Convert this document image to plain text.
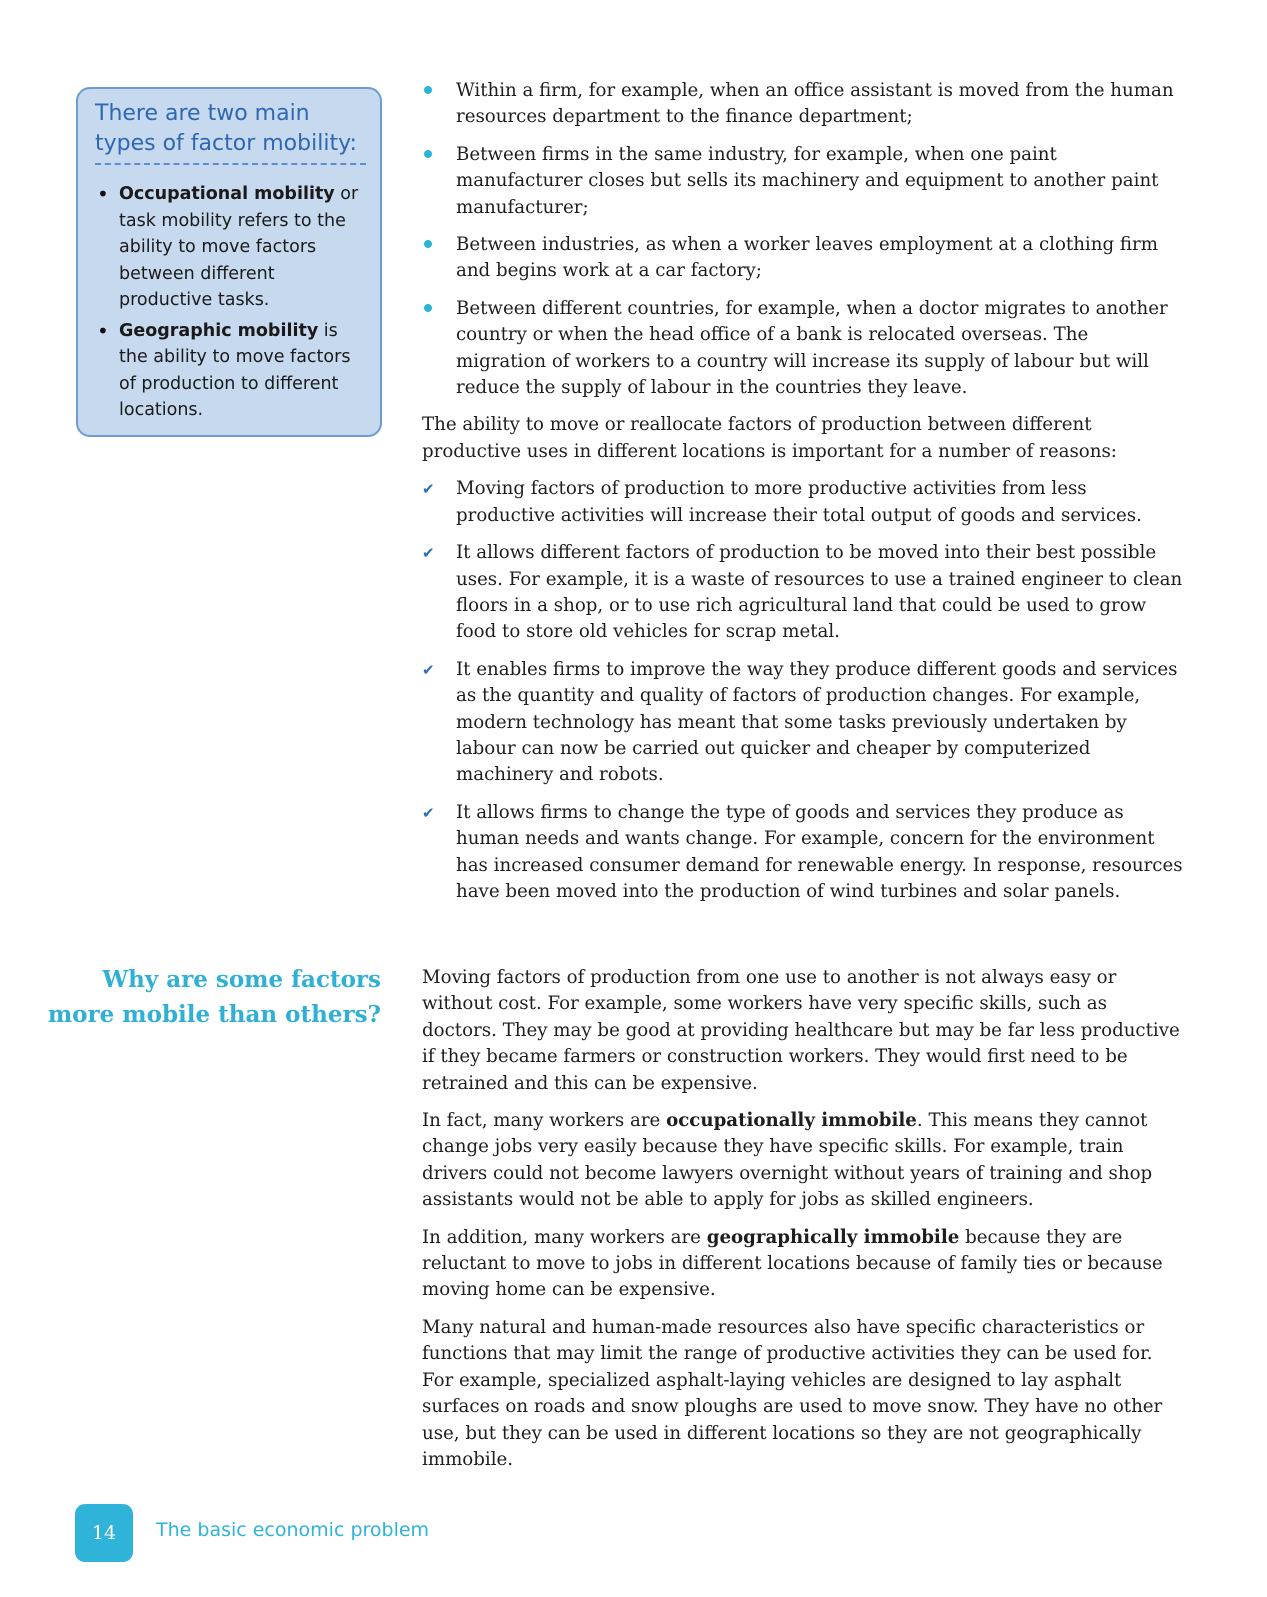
There are two main types of factor mobility:
• Occupational mobility or task mobility refers to the ability to move factors between different productive tasks.
• Geographic mobility is the ability to move factors of production to different locations.
Within a firm, for example, when an office assistant is moved from the human resources department to the finance department;
Between firms in the same industry, for example, when one paint manufacturer closes but sells its machinery and equipment to another paint manufacturer;
Between industries, as when a worker leaves employment at a clothing firm and begins work at a car factory;
Between different countries, for example, when a doctor migrates to another country or when the head office of a bank is relocated overseas. The migration of workers to a country will increase its supply of labour but will reduce the supply of labour in the countries they leave.

The ability to move or reallocate factors of production between different productive uses in different locations is important for a number of reasons:

✔ Moving factors of production to more productive activities from less productive activities will increase their total output of goods and services.
✔ It allows different factors of production to be moved into their best possible uses. For example, it is a waste of resources to use a trained engineer to clean floors in a shop, or to use rich agricultural land that could be used to grow food to store old vehicles for scrap metal.
✔ It enables firms to improve the way they produce different goods and services as the quantity and quality of factors of production changes. For example, modern technology has meant that some tasks previously undertaken by labour can now be carried out quicker and cheaper by computerized machinery and robots.
✔ It allows firms to change the type of goods and services they produce as human needs and wants change. For example, concern for the environment has increased consumer demand for renewable energy. In response, resources have been moved into the production of wind turbines and solar panels.
Why are some factors
more mobile than others?

Moving factors of production from one use to another is not always easy or without cost. For example, some workers have very specific skills, such as doctors. They may be good at providing healthcare but may be far less productive if they became farmers or construction workers. They would first need to be retrained and this can be expensive.

In fact, many workers are occupationally immobile. This means they cannot change jobs very easily because they have specific skills. For example, train drivers could not become lawyers overnight without years of training and shop assistants would not be able to apply for jobs as skilled engineers.

In addition, many workers are geographically immobile because they are reluctant to move to jobs in different locations because of family ties or because moving home can be expensive.

Many natural and human-made resources also have specific characteristics or functions that may limit the range of productive activities they can be used for. For example, specialized asphalt-laying vehicles are designed to lay asphalt surfaces on roads and snow ploughs are used to move snow. They have no other use, but they can be used in different locations so they are not geographically immobile.

14	The basic economic problem
